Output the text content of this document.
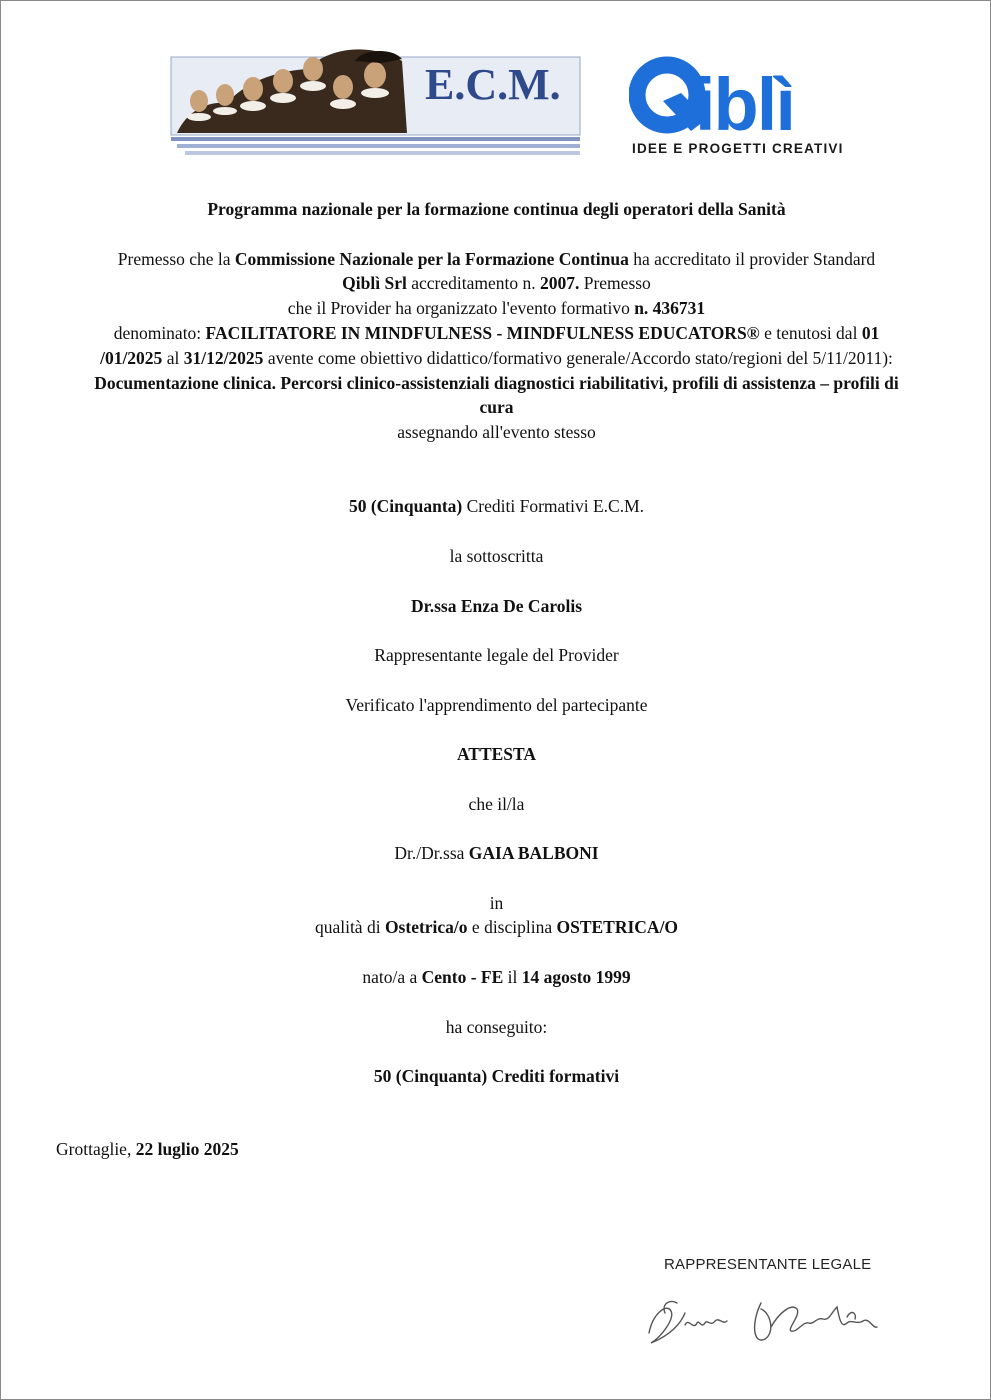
E.C.M. iblì
IDEE E PROGETTI CREATIVI
Programma nazionale per la formazione continua degli operatori della Sanità
Premesso che la Commissione Nazionale per la Formazione Continua ha accreditato il provider Standard
Qiblì Srl accreditamento n. 2007. Premesso
che il Provider ha organizzato l'evento formativo n. 436731
denominato: FACILITATORE IN MINDFULNESS - MINDFULNESS EDUCATORS® e tenutosi dal 01
/01/2025 al 31/12/2025 avente come obiettivo didattico/formativo generale/Accordo stato/regioni del 5/11/2011):
Documentazione clinica. Percorsi clinico-assistenziali diagnostici riabilitativi, profili di assistenza – profili di
cura
assegnando all'evento stesso
50 (Cinquanta) Crediti Formativi E.C.M.
la sottoscritta
Dr.ssa Enza De Carolis
Rappresentante legale del Provider
Verificato l'apprendimento del partecipante
ATTESTA
che il/la
Dr./Dr.ssa GAIA BALBONI
in
qualità di Ostetrica/o e disciplina OSTETRICA/O
nato/a a Cento - FE il 14 agosto 1999
ha conseguito:
50 (Cinquanta) Crediti formativi
Grottaglie, 22 luglio 2025
RAPPRESENTANTE LEGALE
